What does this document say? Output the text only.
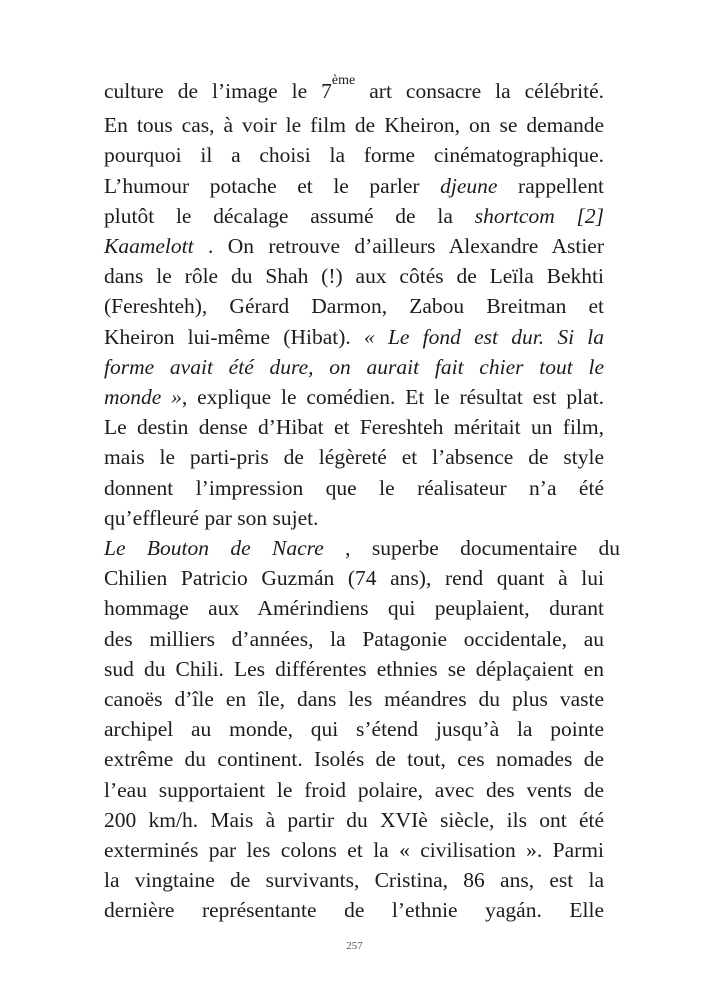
culture de l’image le 7ème art consacre la célébrité.
En tous cas, à voir le film de Kheiron, on se demande
pourquoi il a choisi la forme cinématographique.
L’humour potache et le parler djeune rappellent
plutôt le décalage assumé de la shortcom [2]
Kaamelott . On retrouve d’ailleurs Alexandre Astier
dans le rôle du Shah (!) aux côtés de Leïla Bekhti
(Fereshteh), Gérard Darmon, Zabou Breitman et
Kheiron lui-même (Hibat). « Le fond est dur. Si la
forme avait été dure, on aurait fait chier tout le
monde », explique le comédien. Et le résultat est plat.
Le destin dense d’Hibat et Fereshteh méritait un film,
mais le parti-pris de légèreté et l’absence de style
donnent l’impression que le réalisateur n’a été
qu’effleuré par son sujet.
Le Bouton de Nacre , superbe documentaire du
Chilien Patricio Guzmán (74 ans), rend quant à lui
hommage aux Amérindiens qui peuplaient, durant
des milliers d’années, la Patagonie occidentale, au
sud du Chili. Les différentes ethnies se déplaçaient en
canoës d’île en île, dans les méandres du plus vaste
archipel au monde, qui s’étend jusqu’à la pointe
extrême du continent. Isolés de tout, ces nomades de
l’eau supportaient le froid polaire, avec des vents de
200 km/h. Mais à partir du XVIè siècle, ils ont été
exterminés par les colons et la « civilisation ». Parmi
la vingtaine de survivants, Cristina, 86 ans, est la
dernière représentante de l’ethnie yagán. Elle
257
